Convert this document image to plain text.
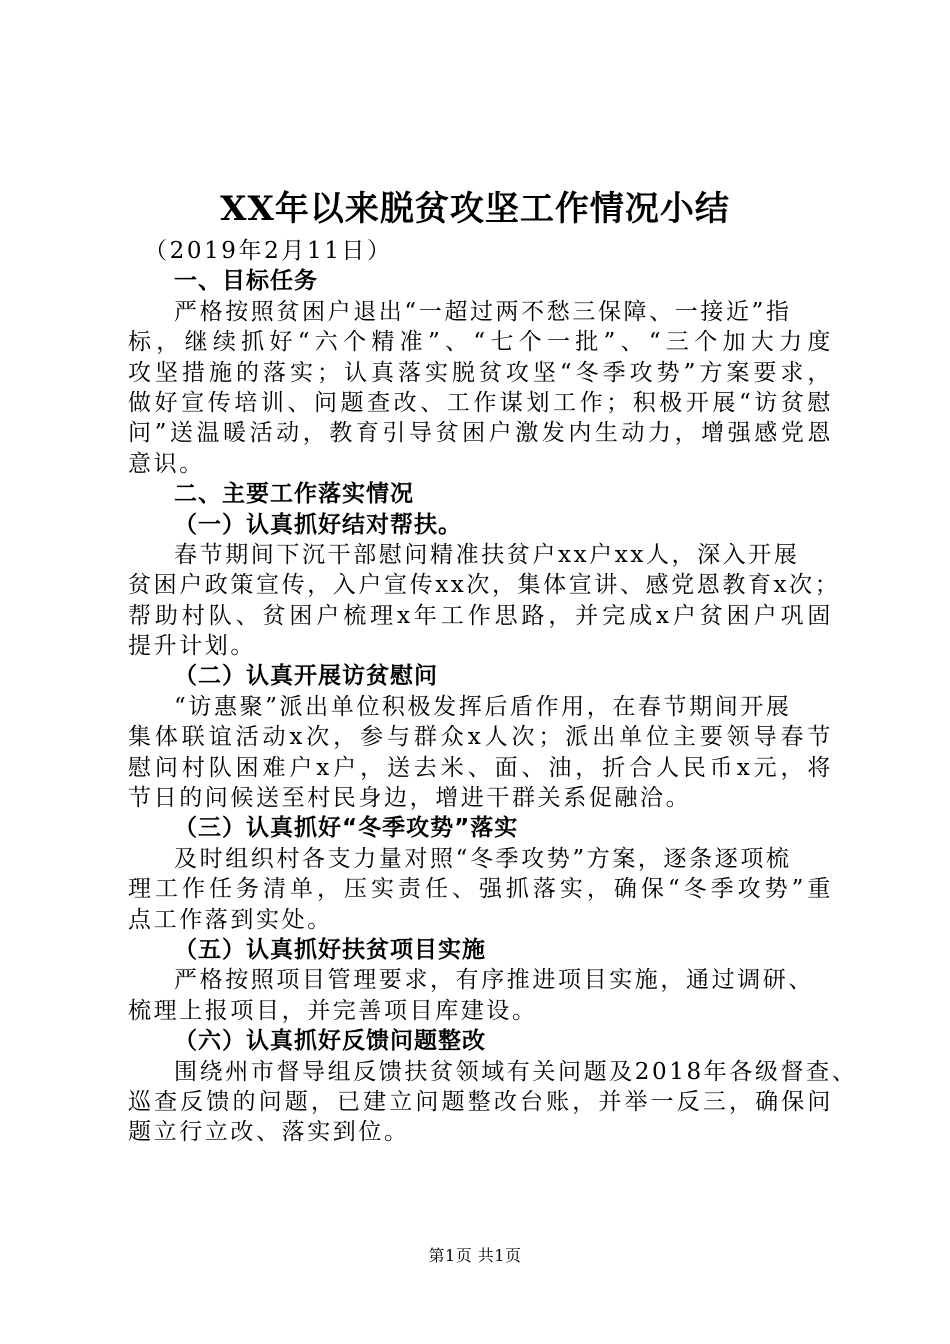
XX年以来脱贫攻坚工作情况小结
（2019年2月11日）
一、目标任务
严格按照贫困户退出“一超过两不愁三保障、一接近”指
标，继续抓好“六个精准”、“七个一批”、“三个加大力度
攻坚措施的落实；认真落实脱贫攻坚“冬季攻势”方案要求，
做好宣传培训、问题查改、工作谋划工作；积极开展“访贫慰
问”送温暖活动，教育引导贫困户激发内生动力，增强感党恩
意识。
二、主要工作落实情况
（一）认真抓好结对帮扶。
春节期间下沉干部慰问精准扶贫户xx户xx人，深入开展
贫困户政策宣传，入户宣传xx次，集体宣讲、感党恩教育x次；
帮助村队、贫困户梳理x年工作思路，并完成x户贫困户巩固
提升计划。
（二）认真开展访贫慰问
“访惠聚”派出单位积极发挥后盾作用，在春节期间开展
集体联谊活动x次，参与群众x人次；派出单位主要领导春节
慰问村队困难户x户，送去米、面、油，折合人民币x元，将
节日的问候送至村民身边，增进干群关系促融洽。
（三）认真抓好“冬季攻势”落实
及时组织村各支力量对照“冬季攻势”方案，逐条逐项梳
理工作任务清单，压实责任、强抓落实，确保“冬季攻势”重
点工作落到实处。
（五）认真抓好扶贫项目实施
严格按照项目管理要求，有序推进项目实施，通过调研、
梳理上报项目，并完善项目库建设。
（六）认真抓好反馈问题整改
围绕州市督导组反馈扶贫领域有关问题及2018年各级督查、
巡查反馈的问题，已建立问题整改台账，并举一反三，确保问
题立行立改、落实到位。
第1页 共1页
